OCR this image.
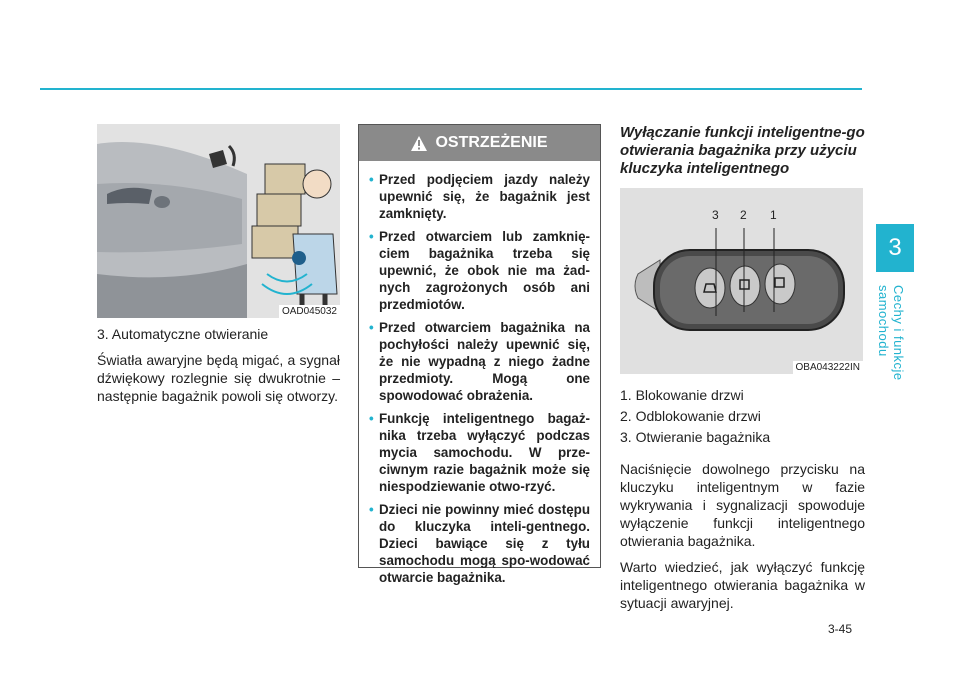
3
Cechy i funkcje samochodu
OAD045032

3. Automatyczne otwieranie

Światła awaryjne będą migać, a sygnał dźwiękowy rozlegnie się dwukrotnie – następnie bagażnik powoli się otworzy.

OSTRZEŻENIE
• Przed podjęciem jazdy należy upewnić się, że bagażnik jest zamknięty.
• Przed otwarciem lub zamknię-ciem bagażnika trzeba się upewnić, że obok nie ma żad-nych zagrożonych osób ani przedmiotów.
• Przed otwarciem bagażnika na pochyłości należy upewnić się, że nie wypadną z niego żadne przedmioty. Mogą one spowodować obrażenia.
• Funkcję inteligentnego bagaż-nika trzeba wyłączyć podczas mycia samochodu. W prze-ciwnym razie bagażnik może się niespodziewanie otwo-rzyć.
• Dzieci nie powinny mieć dostępu do kluczyka inteli-gentnego. Dzieci bawiące się z tyłu samochodu mogą spo-wodować otwarcie bagażnika.
Wyłączanie funkcji inteligentne-go otwierania bagażnika przy użyciu kluczyka inteligentnego
3 2 1
OBA043222IN
1. Blokowanie drzwi
2. Odblokowanie drzwi
3. Otwieranie bagażnika

Naciśnięcie dowolnego przycisku na kluczyku inteligentnym w fazie wykrywania i sygnalizacji spowoduje wyłączenie funkcji inteligentnego otwierania bagażnika.

Warto wiedzieć, jak wyłączyć funkcję inteligentnego otwierania bagażnika w sytuacji awaryjnej.

3-45
